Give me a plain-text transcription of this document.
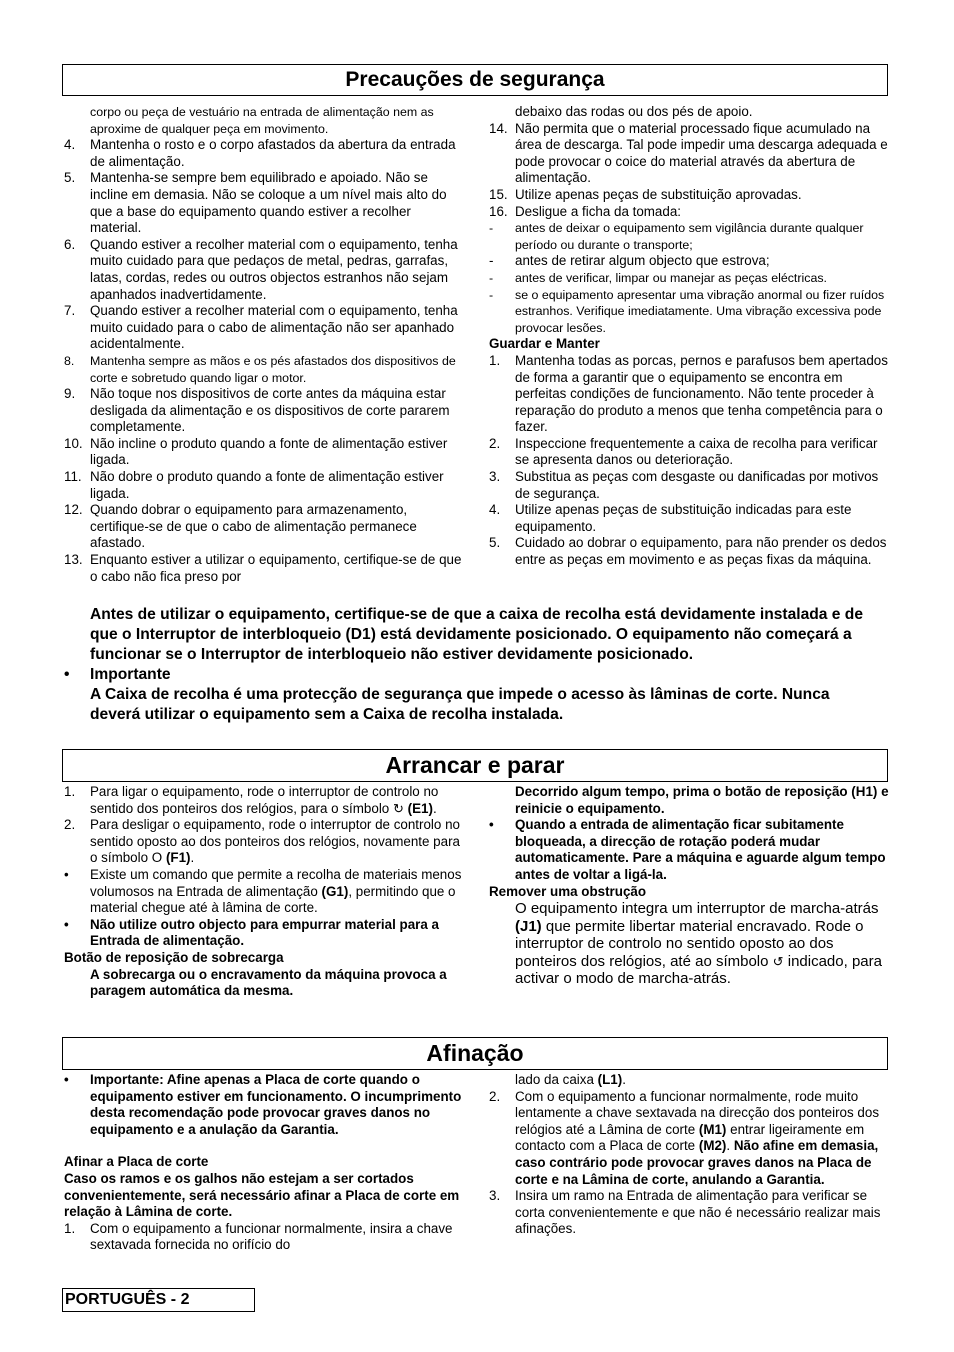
Precauções de segurança
corpo ou peça de vestuário na entrada de alimentação nem as aproxime de qualquer peça em movimento.
4.	Mantenha o rosto e o corpo afastados da abertura da entrada de alimentação.
5.	Mantenha-se sempre bem equilibrado e apoiado. Não se incline em demasia. Não se coloque a um nível mais alto do que a base do equipamento quando estiver a recolher material.
6.	Quando estiver a recolher material com o equipamento, tenha muito cuidado para que pedaços de metal, pedras, garrafas, latas, cordas, redes ou outros objectos estranhos não sejam apanhados inadvertidamente.
7.	Quando estiver a recolher material com o equipamento, tenha muito cuidado para o cabo de alimentação não ser apanhado acidentalmente.
8.	Mantenha sempre as mãos e os pés afastados dos dispositivos de corte e sobretudo quando ligar o motor.
9.	Não toque nos dispositivos de corte antes da máquina estar desligada da alimentação e os dispositivos de corte pararem completamente.
10. Não incline o produto quando a fonte de alimentação estiver ligada.
11. Não dobre o produto quando a fonte de alimentação estiver ligada.
12. Quando dobrar o equipamento para armazenamento, certifique-se de que o cabo de alimentação permanece afastado.
13. Enquanto estiver a utilizar o equipamento, certifique-se de que o cabo não fica preso por
debaixo das rodas ou dos pés de apoio.
14. Não permita que o material processado fique acumulado na área de descarga. Tal pode impedir uma descarga adequada e pode provocar o coice do material através da abertura de alimentação.
15. Utilize apenas peças de substituição aprovadas.
16. Desligue a ficha da tomada:
-	antes de deixar o equipamento sem vigilância durante qualquer período ou durante o transporte;
-	antes de retirar algum objecto que estrova;
-	antes de verificar, limpar ou manejar as peças eléctricas.
-	se o equipamento apresentar uma vibração anormal ou fizer ruídos estranhos. Verifique imediatamente. Uma vibração excessiva pode provocar lesões.
Guardar e Manter
1.	Mantenha todas as porcas, pernos e parafusos bem apertados de forma a garantir que o equipamento se encontra em perfeitas condições de funcionamento. Não tente proceder à reparação do produto a menos que tenha competência para o fazer.
2.	Inspeccione frequentemente a caixa de recolha para verificar se apresenta danos ou deterioração.
3.	Substitua as peças com desgaste ou danificadas por motivos de segurança.
4.	Utilize apenas peças de substituição indicadas para este equipamento.
5.	Cuidado ao dobrar o equipamento, para não prender os dedos entre as peças em movimento e as peças fixas da máquina.
Antes de utilizar o equipamento, certifique-se de que a caixa de recolha está devidamente instalada e de que o Interruptor de interbloqueio (D1) está devidamente posicionado. O equipamento não começará a funcionar se o Interruptor de interbloqueio não estiver devidamente posicionado.
•	Importante
A Caixa de recolha é uma protecção de segurança que impede o acesso às lâminas de corte. Nunca deverá utilizar o equipamento sem a Caixa de recolha instalada.
Arrancar e parar
1.	Para ligar o equipamento, rode o interruptor de controlo no sentido dos ponteiros dos relógios, para o símbolo ↻ (E1).
2.	Para desligar o equipamento, rode o interruptor de controlo no sentido oposto ao dos ponteiros dos relógios, novamente para o símbolo O (F1).
•	Existe um comando que permite a recolha de materiais menos volumosos na Entrada de alimentação (G1), permitindo que o material chegue até à lâmina de corte.
•	Não utilize outro objecto para empurrar material para a Entrada de alimentação.
Botão de reposição de sobrecarga
A sobrecarga ou o encravamento da máquina provoca a paragem automática da mesma.
Decorrido algum tempo, prima o botão de reposição (H1) e reinicie o equipamento.
•	Quando a entrada de alimentação ficar subitamente bloqueada, a direcção de rotação poderá mudar automaticamente. Pare a máquina e aguarde algum tempo antes de voltar a ligá-la.
Remover uma obstrução
O equipamento integra um interruptor de marcha-atrás (J1) que permite libertar material encravado. Rode o interruptor de controlo no sentido oposto ao dos ponteiros dos relógios, até ao símbolo ↺ indicado, para activar o modo de marcha-atrás.
Afinação
•	Importante: Afine apenas a Placa de corte quando o equipamento estiver em funcionamento. O incumprimento desta recomendação pode provocar graves danos no equipamento e a anulação da Garantia.
Afinar a Placa de corte
Caso os ramos e os galhos não estejam a ser cortados convenientemente, será necessário afinar a Placa de corte em relação à Lâmina de corte.
1.	Com o equipamento a funcionar normalmente, insira a chave sextavada fornecida no orifício do
lado da caixa (L1).
2.	Com o equipamento a funcionar normalmente, rode muito lentamente a chave sextavada na direcção dos ponteiros dos relógios até a Lâmina de corte (M1) entrar ligeiramente em contacto com a Placa de corte (M2). Não afine em demasia, caso contrário pode provocar graves danos na Placa de corte e na Lâmina de corte, anulando a Garantia.
3.	Insira um ramo na Entrada de alimentação para verificar se corta convenientemente e que não é necessário realizar mais afinações.
PORTUGUÊS - 2
